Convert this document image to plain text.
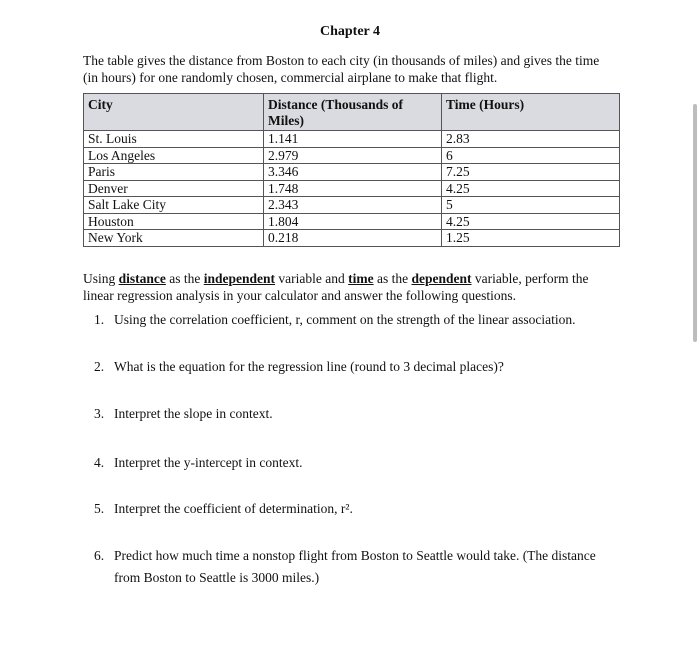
Chapter 4
The table gives the distance from Boston to each city (in thousands of miles) and gives the time (in hours) for one randomly chosen, commercial airplane to make that flight.
City	Distance (Thousands of Miles)	Time (Hours)
St. Louis	1.141	2.83
Los Angeles	2.979	6
Paris	3.346	7.25
Denver	1.748	4.25
Salt Lake City	2.343	5
Houston	1.804	4.25
New York	0.218	1.25
Using distance as the independent variable and time as the dependent variable, perform the linear regression analysis in your calculator and answer the following questions.
1. Using the correlation coefficient, r, comment on the strength of the linear association.
2. What is the equation for the regression line (round to 3 decimal places)?
3. Interpret the slope in context.
4. Interpret the y-intercept in context.
5. Interpret the coefficient of determination, r².
6. Predict how much time a nonstop flight from Boston to Seattle would take. (The distance
from Boston to Seattle is 3000 miles.)
